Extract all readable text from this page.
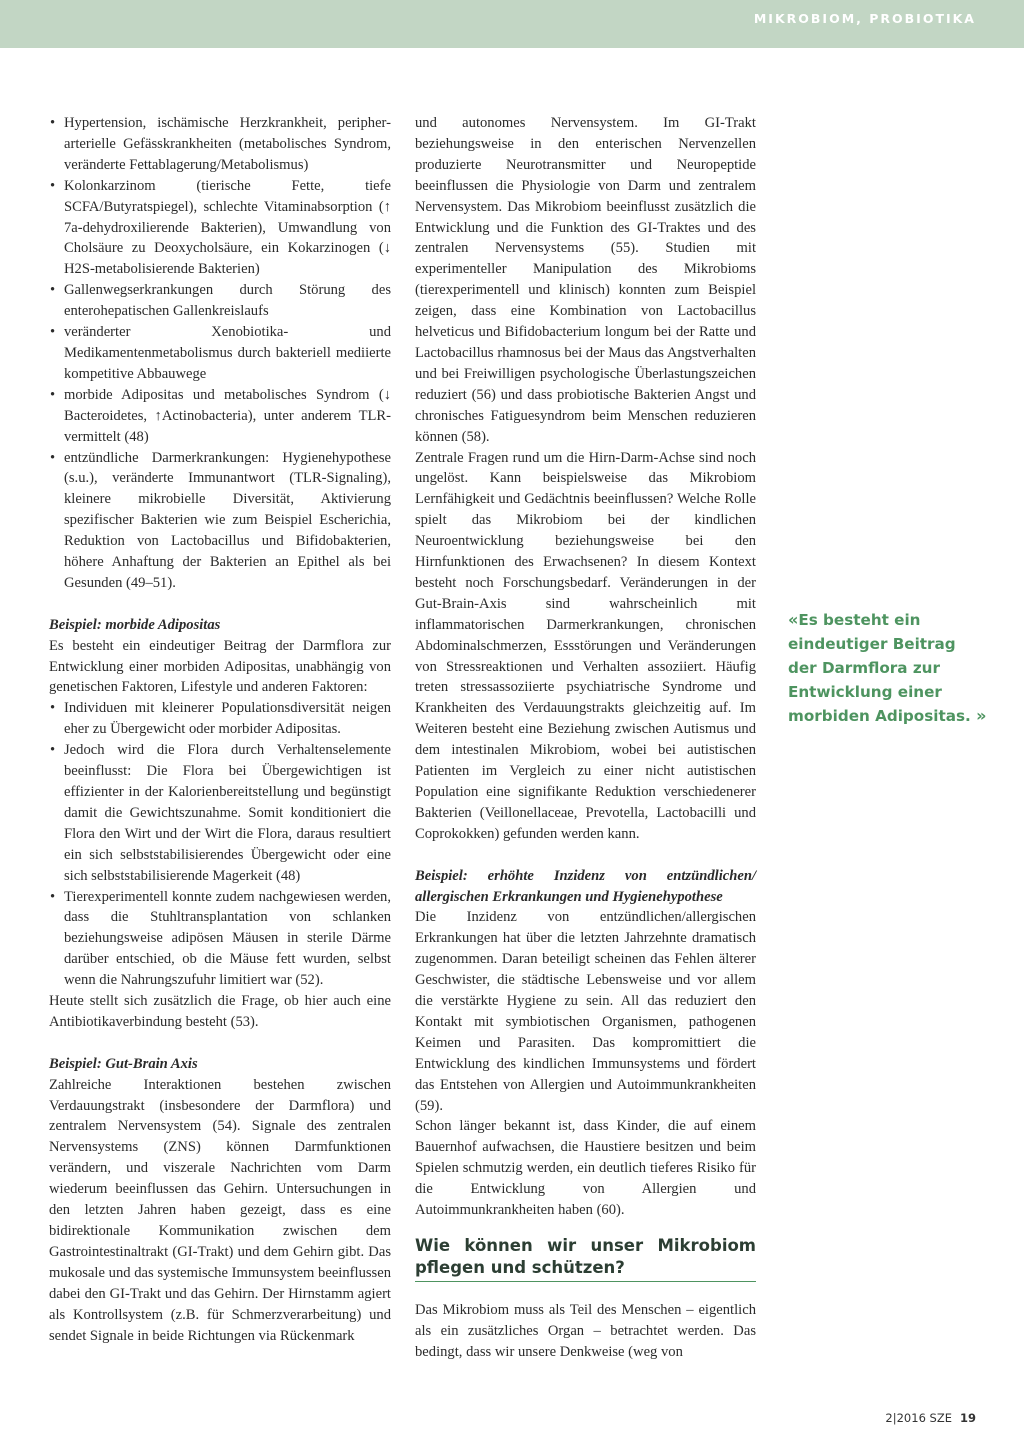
MIKROBIOM, PROBIOTIKA
• Hypertension, ischämische Herzkrankheit, peripher-arterielle Gefässkrankheiten (metabolisches Syndrom, veränderte Fettablagerung/Metabolismus)
• Kolonkarzinom (tierische Fette, tiefe SCFA/Butyratspiegel), schlechte Vitaminabsorption (↑ 7a-dehydroxilierende Bakterien), Umwandlung von Cholsäure zu Deoxycholsäure, ein Kokarzinogen (↓ H2S-metabolisierende Bakterien)
• Gallenwegserkrankungen durch Störung des enterohepatischen Gallenkreislaufs
• veränderter Xenobiotika- und Medikamentenmetabolismus durch bakteriell mediierte kompetitive Abbauwege
• morbide Adipositas und metabolisches Syndrom (↓ Bacteroidetes, ↑Actinobacteria), unter anderem TLR-vermittelt (48)
• entzündliche Darmerkrankungen: Hygienehypothese (s.u.), veränderte Immunantwort (TLR-Signaling), kleinere mikrobielle Diversität, Aktivierung spezifischer Bakterien wie zum Beispiel Escherichia, Reduktion von Lactobacillus und Bifidobakterien, höhere Anhaftung der Bakterien an Epithel als bei Gesunden (49–51).

Beispiel: morbide Adipositas

Es besteht ein eindeutiger Beitrag der Darmflora zur Entwicklung einer morbiden Adipositas, unabhängig von genetischen Faktoren, Lifestyle und anderen Faktoren:

• Individuen mit kleinerer Populationsdiversität neigen eher zu Übergewicht oder morbider Adipositas.
• Jedoch wird die Flora durch Verhaltenselemente beeinflusst: Die Flora bei Übergewichtigen ist effizienter in der Kalorienbereitstellung und begünstigt damit die Gewichtszunahme. Somit konditioniert die Flora den Wirt und der Wirt die Flora, daraus resultiert ein sich selbststabilisierendes Übergewicht oder eine sich selbststabilisierende Magerkeit (48)
• Tierexperimentell konnte zudem nachgewiesen werden, dass die Stuhltransplantation von schlanken beziehungsweise adipösen Mäusen in sterile Därme darüber entschied, ob die Mäuse fett wurden, selbst wenn die Nahrungszufuhr limitiert war (52).

Heute stellt sich zusätzlich die Frage, ob hier auch eine Antibiotikaverbindung besteht (53).

Beispiel: Gut-Brain Axis

Zahlreiche Interaktionen bestehen zwischen Verdauungstrakt (insbesondere der Darmflora) und zentralem Nervensystem (54). Signale des zentralen Nervensystems (ZNS) können Darmfunktionen verändern, und viszerale Nachrichten vom Darm wiederum beeinflussen das Gehirn. Untersuchungen in den letzten Jahren haben gezeigt, dass es eine bidirektionale Kommunikation zwischen dem Gastrointestinaltrakt (GI-Trakt) und dem Gehirn gibt. Das mukosale und das systemische Immunsystem beeinflussen dabei den GI-Trakt und das Gehirn. Der Hirnstamm agiert als Kontrollsystem (z.B. für Schmerzverarbeitung) und sendet Signale in beide Richtungen via Rückenmark

und autonomes Nervensystem. Im GI-Trakt beziehungsweise in den enterischen Nervenzellen produzierte Neurotransmitter und Neuropeptide beeinflussen die Physiologie von Darm und zentralem Nervensystem. Das Mikrobiom beeinflusst zusätzlich die Entwicklung und die Funktion des GI-Traktes und des zentralen Nervensystems (55). Studien mit experimenteller Manipulation des Mikrobioms (tierexperimentell und klinisch) konnten zum Beispiel zeigen, dass eine Kombination von Lactobacillus helveticus und Bifidobacterium longum bei der Ratte und Lactobacillus rhamnosus bei der Maus das Angstverhalten und bei Freiwilligen psychologische Überlastungszeichen reduziert (56) und dass probiotische Bakterien Angst und chronisches Fatiguesyndrom beim Menschen reduzieren können (58).

Zentrale Fragen rund um die Hirn-Darm-Achse sind noch ungelöst. Kann beispielsweise das Mikrobiom Lernfähigkeit und Gedächtnis beeinflussen? Welche Rolle spielt das Mikrobiom bei der kindlichen Neuroentwicklung beziehungsweise bei den Hirnfunktionen des Erwachsenen? In diesem Kontext besteht noch Forschungsbedarf. Veränderungen in der Gut-Brain-Axis sind wahrscheinlich mit inflammatorischen Darmerkrankungen, chronischen Abdominalschmerzen, Essstörungen und Veränderungen von Stressreaktionen und Verhalten assoziiert. Häufig treten stressassoziierte psychiatrische Syndrome und Krankheiten des Verdauungstrakts gleichzeitig auf. Im Weiteren besteht eine Beziehung zwischen Autismus und dem intestinalen Mikrobiom, wobei bei autistischen Patienten im Vergleich zu einer nicht autistischen Population eine signifikante Reduktion verschiedenerer Bakterien (Veillonellaceae, Prevotella, Lactobacilli und Coprokokken) gefunden werden kann.

Beispiel: erhöhte Inzidenz von entzündlichen/ allergischen Erkrankungen und Hygienehypothese

Die Inzidenz von entzündlichen/allergischen Erkrankungen hat über die letzten Jahrzehnte dramatisch zugenommen. Daran beteiligt scheinen das Fehlen älterer Geschwister, die städtische Lebensweise und vor allem die verstärkte Hygiene zu sein. All das reduziert den Kontakt mit symbiotischen Organismen, pathogenen Keimen und Parasiten. Das kompromittiert die Entwicklung des kindlichen Immunsystems und fördert das Entstehen von Allergien und Autoimmunkrankheiten (59).

Schon länger bekannt ist, dass Kinder, die auf einem Bauernhof aufwachsen, die Haustiere besitzen und beim Spielen schmutzig werden, ein deutlich tieferes Risiko für die Entwicklung von Allergien und Autoimmunkrankheiten haben (60).

Wie können wir unser Mikrobiom pflegen und schützen?

Das Mikrobiom muss als Teil des Menschen – eigentlich als ein zusätzliches Organ – betrachtet werden. Das bedingt, dass wir unsere Denkweise (weg von

«Es besteht ein eindeutiger Beitrag der Darmflora zur Entwicklung einer morbiden Adipositas. »
2|2016 SZE 19
